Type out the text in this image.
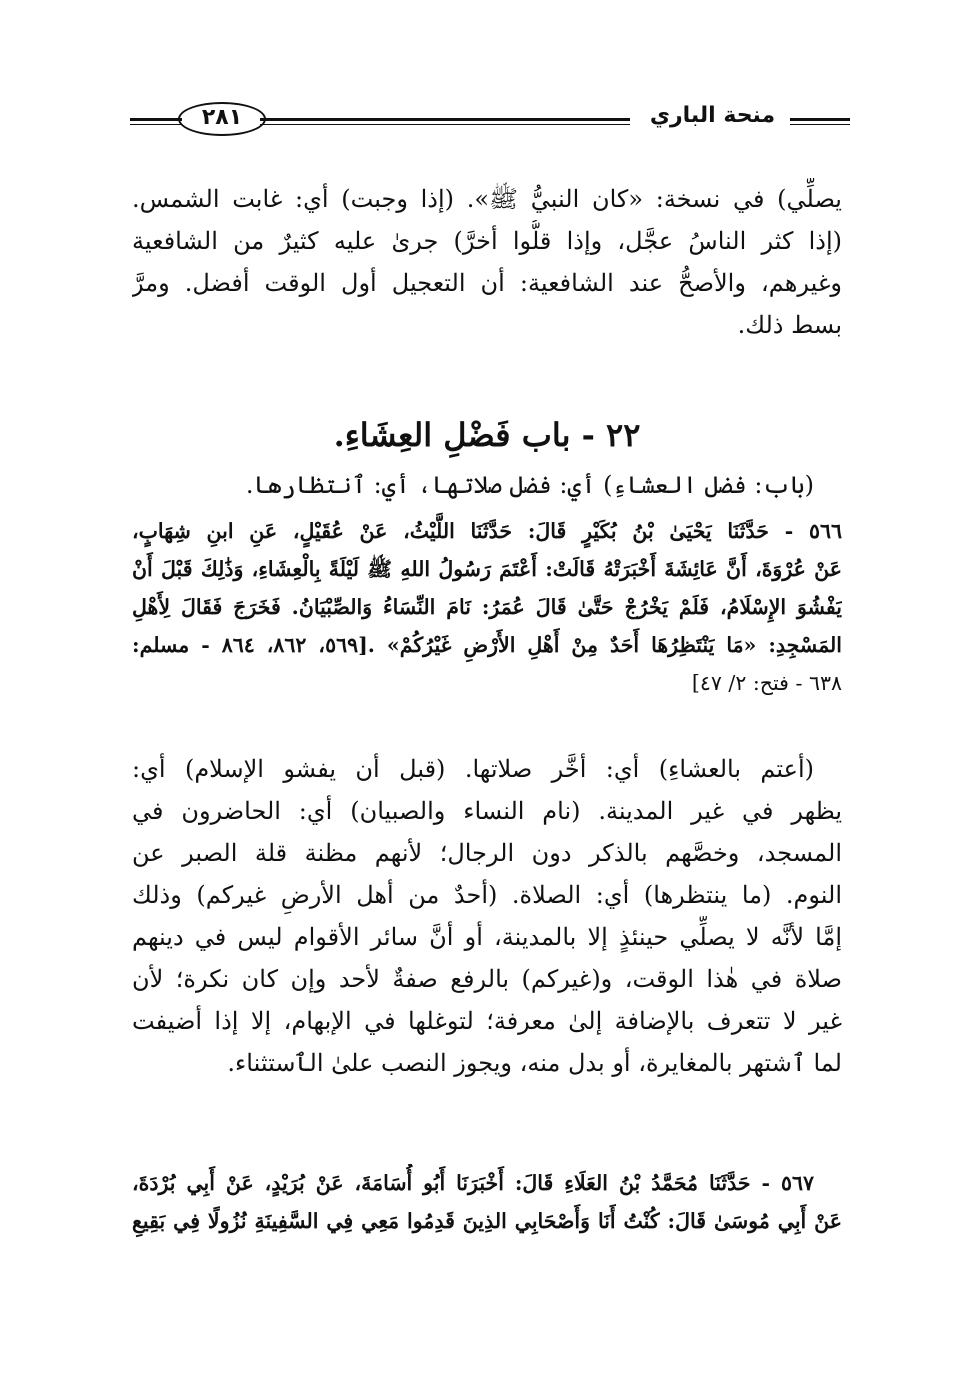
٢٨١	منحة الباري
يصلِّي) في نسخة: «كان النبيُّ ﷺ». (إذا وجبت) أي: غابت الشمس.
(إذا كثر الناسُ عجَّل، وإذا قلُّوا أخرَّ) جرىٰ عليه كثيرٌ من الشافعية
وغيرهم، والأصحُّ عند الشافعية: أن التعجيل أول الوقت أفضل. ومرَّ
بسط ذلك.
٢٢ - باب فَضْلِ العِشَاءِ.
(باب: فضل العشاءِ) أي: فضل صلاتها، أي: ٱنتظارها.
٥٦٦ - حَدَّثَنَا يَحْيَىٰ بْنُ بُكَيْرٍ قَالَ: حَدَّثَنَا اللَّيْثُ، عَنْ عُقَيْلٍ، عَنِ ابنِ شِهَابٍ،
عَنْ عُرْوَةَ، أَنَّ عَائِشَةَ أَخْبَرَتْهُ قَالَتْ: أَعْتَمَ رَسُولُ اللهِ ﷺ لَيْلَةً بِالْعِشَاءِ، وَذَٰلِكَ قَبْلَ أَنْ
يَفْشُوَ الإِسْلَامُ، فَلَمْ يَخْرُجْ حَتَّىٰ قَالَ عُمَرُ: نَامَ النِّسَاءُ وَالصِّبْيَانُ. فَخَرَجَ فَقَالَ لِأَهْلِ
المَسْجِدِ: «مَا يَنْتَظِرُهَا أَحَدٌ مِنْ أَهْلِ الأَرْضِ غَيْرُكُمْ» .[٥٦٩، ٨٦٢، ٨٦٤ - مسلم:
٦٣٨ - فتح: ٢/ ٤٧]
(أعتم بالعشاءِ) أي: أخَّر صلاتها. (قبل أن يفشو الإسلام) أي:
يظهر في غير المدينة. (نام النساء والصبيان) أي: الحاضرون في
المسجد، وخصَّهم بالذكر دون الرجال؛ لأنهم مظنة قلة الصبر عن
النوم. (ما ينتظرها) أي: الصلاة. (أحدٌ من أهل الأرضِ غيركم) وذلك
إمَّا لأنَّه لا يصلِّي حينئذٍ إلا بالمدينة، أو أنَّ سائر الأقوام ليس في دينهم
صلاة في هٰذا الوقت، و(غيركم) بالرفع صفةٌ لأحد وإن كان نكرة؛ لأن
غير لا تتعرف بالإضافة إلىٰ معرفة؛ لتوغلها في الإبهام، إلا إذا أضيفت
لما ٱشتهر بالمغايرة، أو بدل منه، ويجوز النصب علىٰ الٱستثناء.
٥٦٧ - حَدَّثَنَا مُحَمَّدُ بْنُ العَلَاءِ قَالَ: أَخْبَرَنَا أَبُو أُسَامَةَ، عَنْ بُرَيْدٍ، عَنْ أَبِي بُرْدَةَ،
عَنْ أَبِي مُوسَىٰ قَالَ: كُنْتُ أَنَا وَأَصْحَابِي الذِينَ قَدِمُوا مَعِي فِي السَّفِينَةِ نُزُولًا فِي بَقِيعِ
